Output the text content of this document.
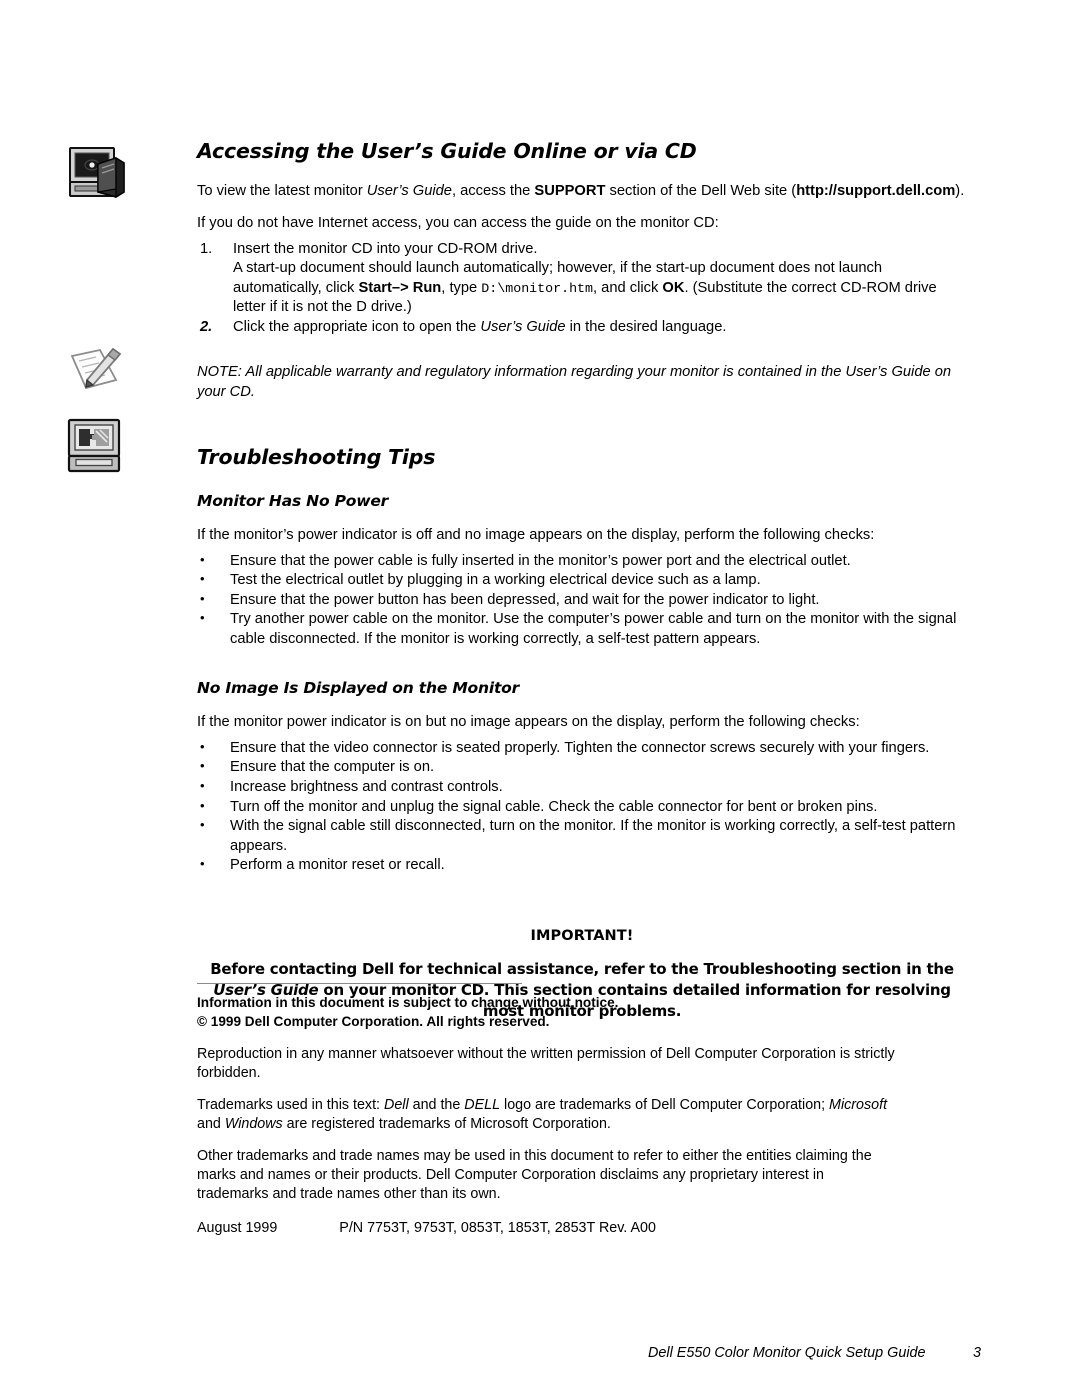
Accessing the User’s Guide Online or via CD

To view the latest monitor User’s Guide, access the SUPPORT section of the Dell Web site (http://support.dell.com).

If you do not have Internet access, you can access the guide on the monitor CD:

1. Insert the monitor CD into your CD-ROM drive.
A start-up document should launch automatically; however, if the start-up document does not launch automatically, click Start–> Run, type D:\monitor.htm, and click OK. (Substitute the correct CD-ROM drive letter if it is not the D drive.)
2. Click the appropriate icon to open the User’s Guide in the desired language.

NOTE: All applicable warranty and regulatory information regarding your monitor is contained in the User’s Guide on your CD.

Troubleshooting Tips
Monitor Has No Power

If the monitor’s power indicator is off and no image appears on the display, perform the following checks:

• Ensure that the power cable is fully inserted in the monitor’s power port and the electrical outlet.
• Test the electrical outlet by plugging in a working electrical device such as a lamp.
• Ensure that the power button has been depressed, and wait for the power indicator to light.
• Try another power cable on the monitor. Use the computer’s power cable and turn on the monitor with the signal cable disconnected. If the monitor is working correctly, a self-test pattern appears.
No Image Is Displayed on the Monitor

If the monitor power indicator is on but no image appears on the display, perform the following checks:

• Ensure that the video connector is seated properly. Tighten the connector screws securely with your fingers.
• Ensure that the computer is on.
• Increase brightness and contrast controls.
• Turn off the monitor and unplug the signal cable. Check the cable connector for bent or broken pins.
• With the signal cable still disconnected, turn on the monitor. If the monitor is working correctly, a self-test pattern appears.
• Perform a monitor reset or recall.
IMPORTANT!
Before contacting Dell for technical assistance, refer to the Troubleshooting section in the User’s Guide on your monitor CD. This section contains detailed information for resolving most monitor problems.
Information in this document is subject to change without notice.
© 1999 Dell Computer Corporation. All rights reserved.

Reproduction in any manner whatsoever without the written permission of Dell Computer Corporation is strictly forbidden.

Trademarks used in this text: Dell and the DELL logo are trademarks of Dell Computer Corporation; Microsoft and Windows are registered trademarks of Microsoft Corporation.

Other trademarks and trade names may be used in this document to refer to either the entities claiming the marks and names or their products. Dell Computer Corporation disclaims any proprietary interest in trademarks and trade names other than its own.

August 1999	P/N 7753T, 9753T, 0853T, 1853T, 2853T Rev. A00

Dell E550 Color Monitor Quick Setup Guide	3
